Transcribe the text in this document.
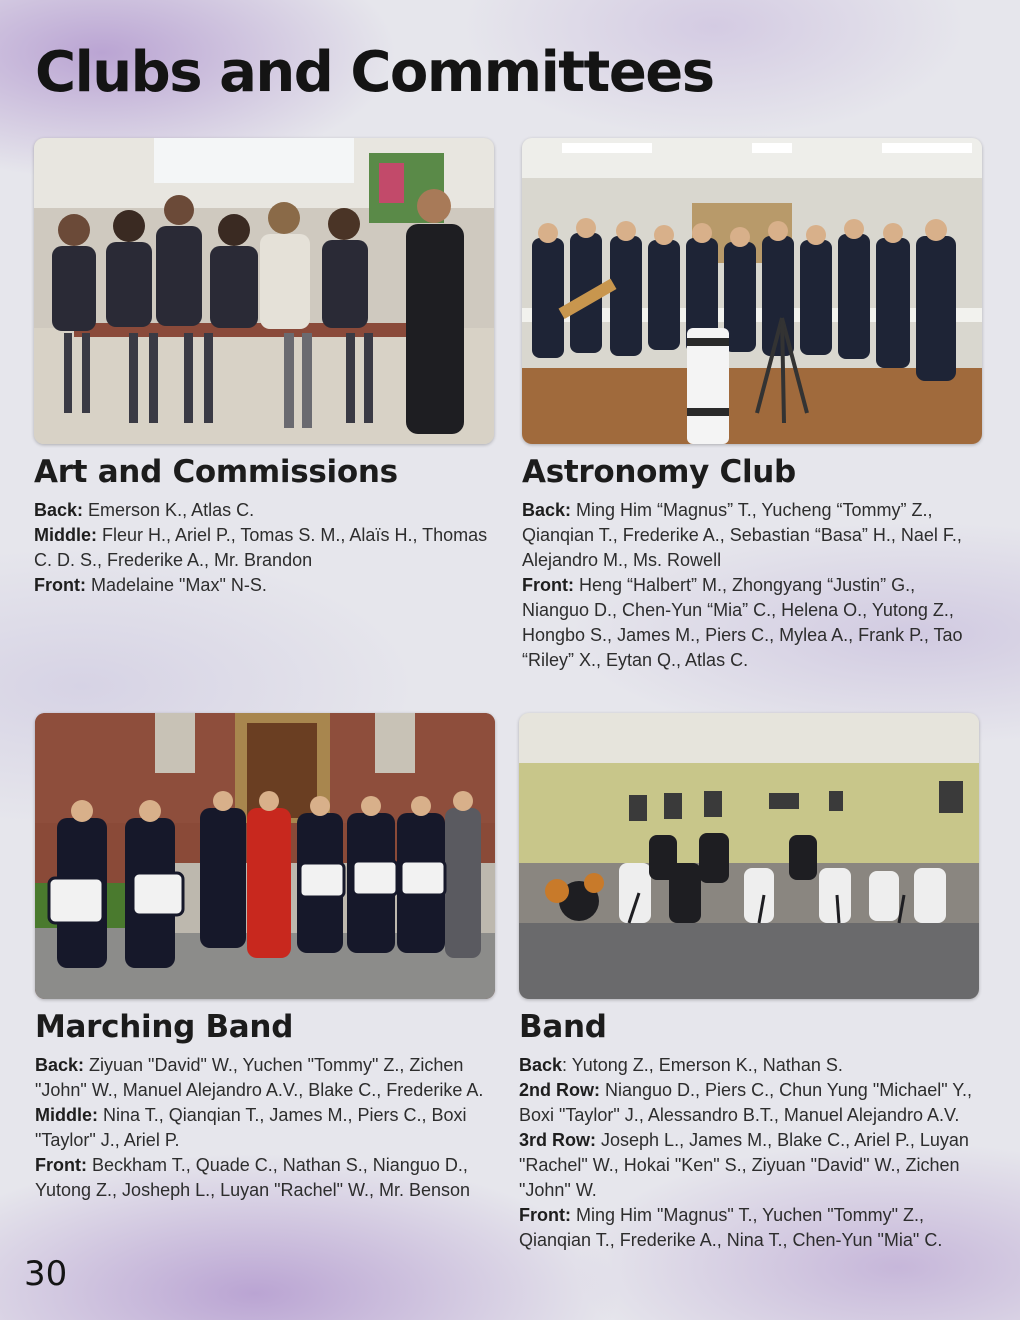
Clubs and Committees
Art and Commissions

Back: Emerson K., Atlas C.

Middle: Fleur H., Ariel P., Tomas S. M., Alaïs H., Thomas C. D. S., Frederike A., Mr. Brandon

Front: Madelaine "Max" N-S.

Astronomy Club

Back: Ming Him “Magnus” T., Yucheng “Tommy” Z., Qianqian T., Frederike A., Sebastian “Basa” H., Nael F., Alejandro M., Ms. Rowell

Front: Heng “Halbert” M., Zhongyang “Justin” G., Nianguo D., Chen-Yun “Mia” C., Helena O., Yutong Z., Hongbo S., James M., Piers C., Mylea A., Frank P., Tao “Riley” X., Eytan Q., Atlas C.

Marching Band

Back: Ziyuan "David" W., Yuchen "Tommy" Z., Zichen "John" W., Manuel Alejandro A.V., Blake C., Frederike A.

Middle: Nina T., Qianqian T., James M., Piers C., Boxi "Taylor" J., Ariel P.

Front: Beckham T., Quade C., Nathan S., Nianguo D., Yutong Z., Josheph L., Luyan "Rachel" W., Mr. Benson

Band

Back: Yutong Z., Emerson K., Nathan S.

2nd Row: Nianguo D., Piers C., Chun Yung "Michael" Y., Boxi "Taylor" J., Alessandro B.T., Manuel Alejandro A.V.

3rd Row: Joseph L., James M., Blake C., Ariel P., Luyan "Rachel" W., Hokai "Ken" S., Ziyuan "David" W., Zichen "John" W.

Front: Ming Him "Magnus" T., Yuchen "Tommy" Z., Qianqian T., Frederike A., Nina T., Chen-Yun "Mia" C.

30
